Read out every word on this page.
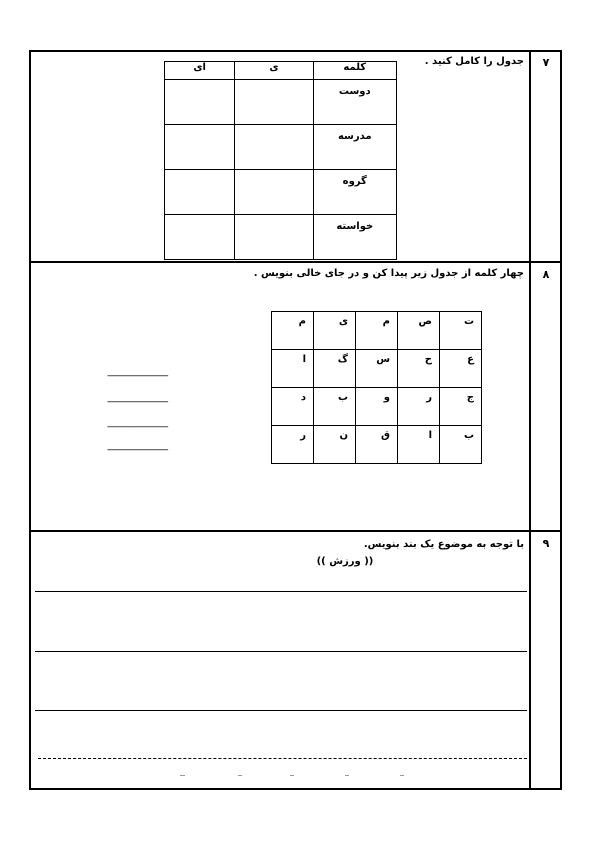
۷
جدول را کامل کنید .
ای	ی	کلمه
		دوست
		مدرسه
		گروه
		خواسته
۸
چهار کلمه از جدول زیر پیدا کن و در جای خالی بنویس .
ت	ص	م	ی	م
ع	ح	س	گ	ا
ج	ر	و	ب	د
ب	ا	ق	ن	ر
---------------------------
---------------------------
---------------------------
---------------------------
۹
با توجه به موضوع یک بند بنویس.
(( ورزش ))
